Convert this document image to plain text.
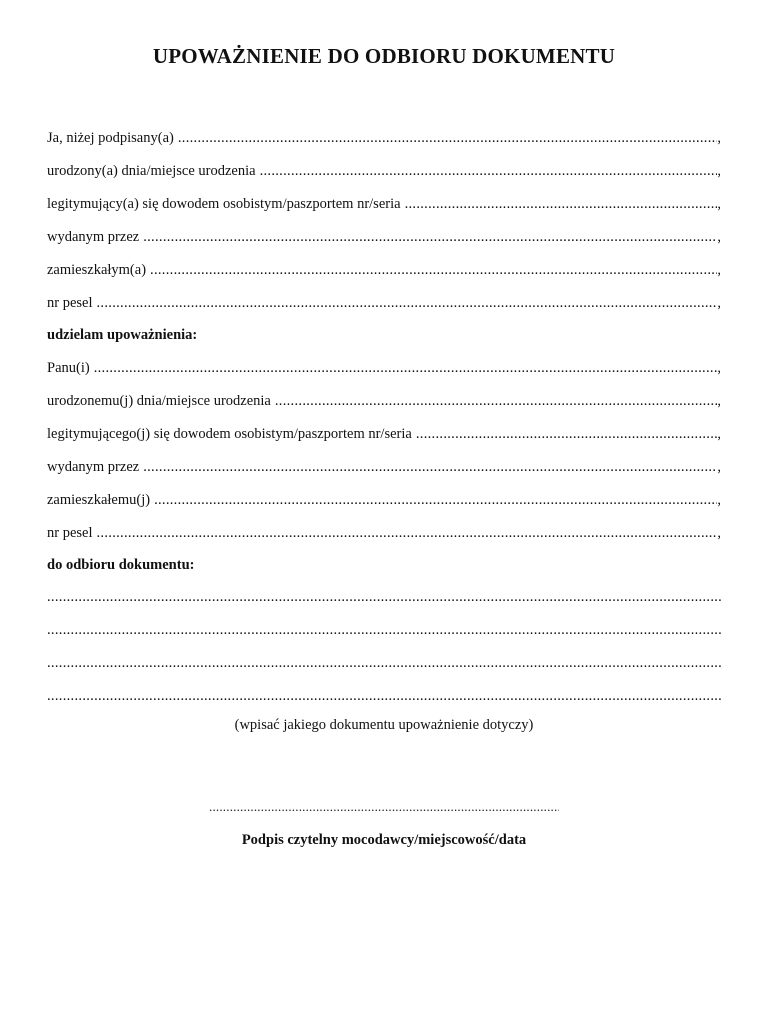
UPOWAŻNIENIE DO ODBIORU DOKUMENTU
Ja, niżej podpisany(a) .....	,
urodzony(a) dnia/miejsce urodzenia .....	,
legitymujący(a) się dowodem osobistym/paszportem nr/seria .....	,
wydanym przez .....	,
zamieszkałym(a) .....	,
nr pesel .....	,
udzielam upoważnienia:
Panu(i) .....	,
urodzonemu(j) dnia/miejsce urodzenia .....	,
legitymującego(j) się dowodem osobistym/paszportem nr/seria .....	,
wydanym przez .....	,
zamieszkałemu(j) .....	,
nr pesel .....	,
do odbioru dokumentu:
.....
.....
.....
.....
(wpisać jakiego dokumentu upoważnienie dotyczy)
.....
Podpis czytelny mocodawcy/miejscowość/data
